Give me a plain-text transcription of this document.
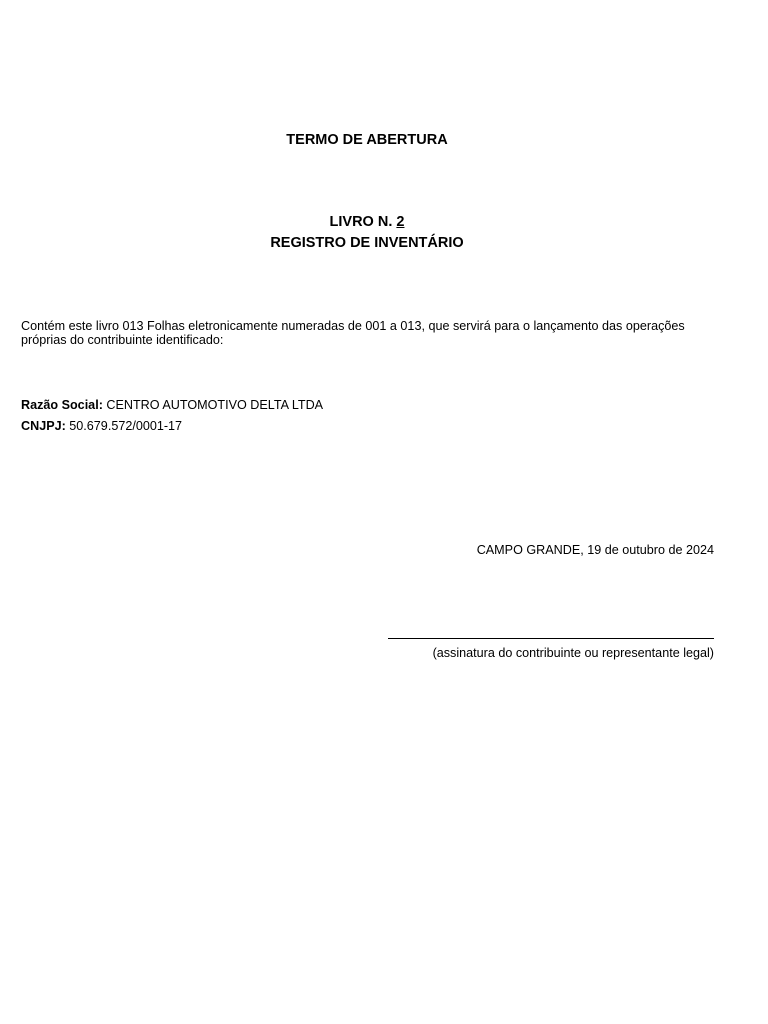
TERMO DE ABERTURA

LIVRO N. 2

REGISTRO DE INVENTÁRIO

Contém este livro 013 Folhas eletronicamente numeradas de 001 a 013, que servirá para o lançamento das operações próprias do contribuinte identificado:

Razão Social: CENTRO AUTOMOTIVO DELTA LTDA

CNJPJ: 50.679.572/0001-17

CAMPO GRANDE, 19 de outubro de 2024

(assinatura do contribuinte ou representante legal)
